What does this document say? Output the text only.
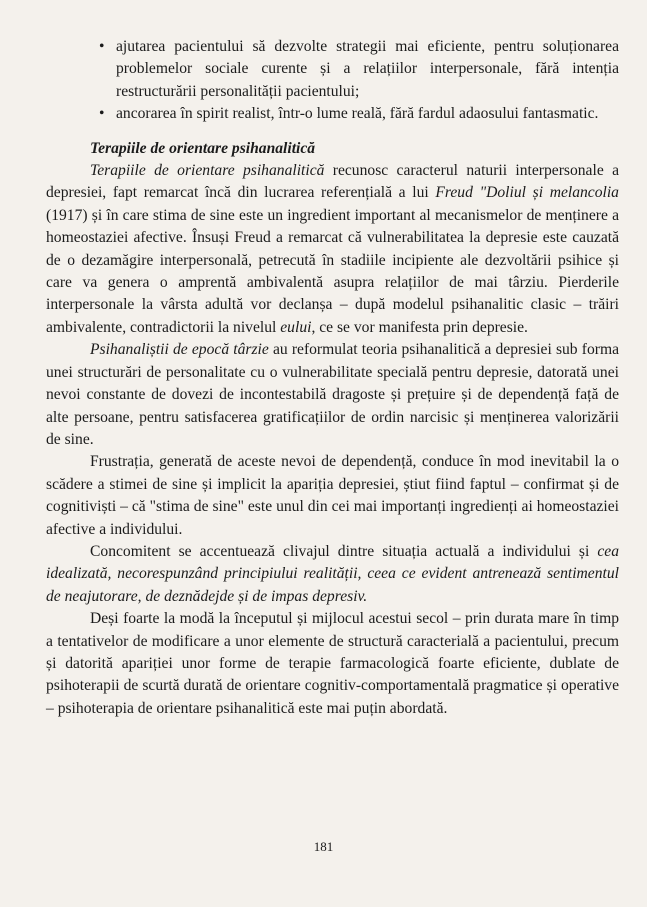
• ajutarea pacientului să dezvolte strategii mai eficiente, pentru soluționarea problemelor sociale curente și a relațiilor interpersonale, fără intenția restructurării personalității pacientului;
• ancorarea în spirit realist, într-o lume reală, fără fardul adaosului fantasmatic.
Terapiile de orientare psihanalitică

Terapiile de orientare psihanalitică recunosc caracterul naturii interpersonale a depresiei, fapt remarcat încă din lucrarea referențială a lui Freud "Doliul și melancolia (1917) și în care stima de sine este un ingredient important al mecanismelor de menținere a homeostaziei afective. Însuși Freud a remarcat că vulnerabilitatea la depresie este cauzată de o dezamăgire interpersonală, petrecută în stadiile incipiente ale dezvoltării psihice și care va genera o amprentă ambivalentă asupra relațiilor de mai târziu. Pierderile interpersonale la vârsta adultă vor declanșa – după modelul psihanalitic clasic – trăiri ambivalente, contradictorii la nivelul eului, ce se vor manifesta prin depresie.

Psihanaliștii de epocă târzie au reformulat teoria psihanalitică a depresiei sub forma unei structurări de personalitate cu o vulnerabilitate specială pentru depresie, datorată unei nevoi constante de dovezi de incontestabilă dragoste și prețuire și de dependență față de alte persoane, pentru satisfacerea gratificațiilor de ordin narcisic și menținerea valorizării de sine.

Frustrația, generată de aceste nevoi de dependență, conduce în mod inevitabil la o scădere a stimei de sine și implicit la apariția depresiei, știut fiind faptul – confirmat și de cognitiviști – că "stima de sine" este unul din cei mai importanți ingredienți ai homeostaziei afective a individului.

Concomitent se accentuează clivajul dintre situația actuală a individului și cea idealizată, necorespunzând principiului realității, ceea ce evident antrenează sentimentul de neajutorare, de deznădejde și de impas depresiv.

Deși foarte la modă la începutul și mijlocul acestui secol – prin durata mare în timp a tentativelor de modificare a unor elemente de structură caracterială a pacientului, precum și datorită apariției unor forme de terapie farmacologică foarte eficiente, dublate de psihoterapii de scurtă durată de orientare cognitiv-comportamentală pragmatice și operative – psihoterapia de orientare psihanalitică este mai puțin abordată.

181
